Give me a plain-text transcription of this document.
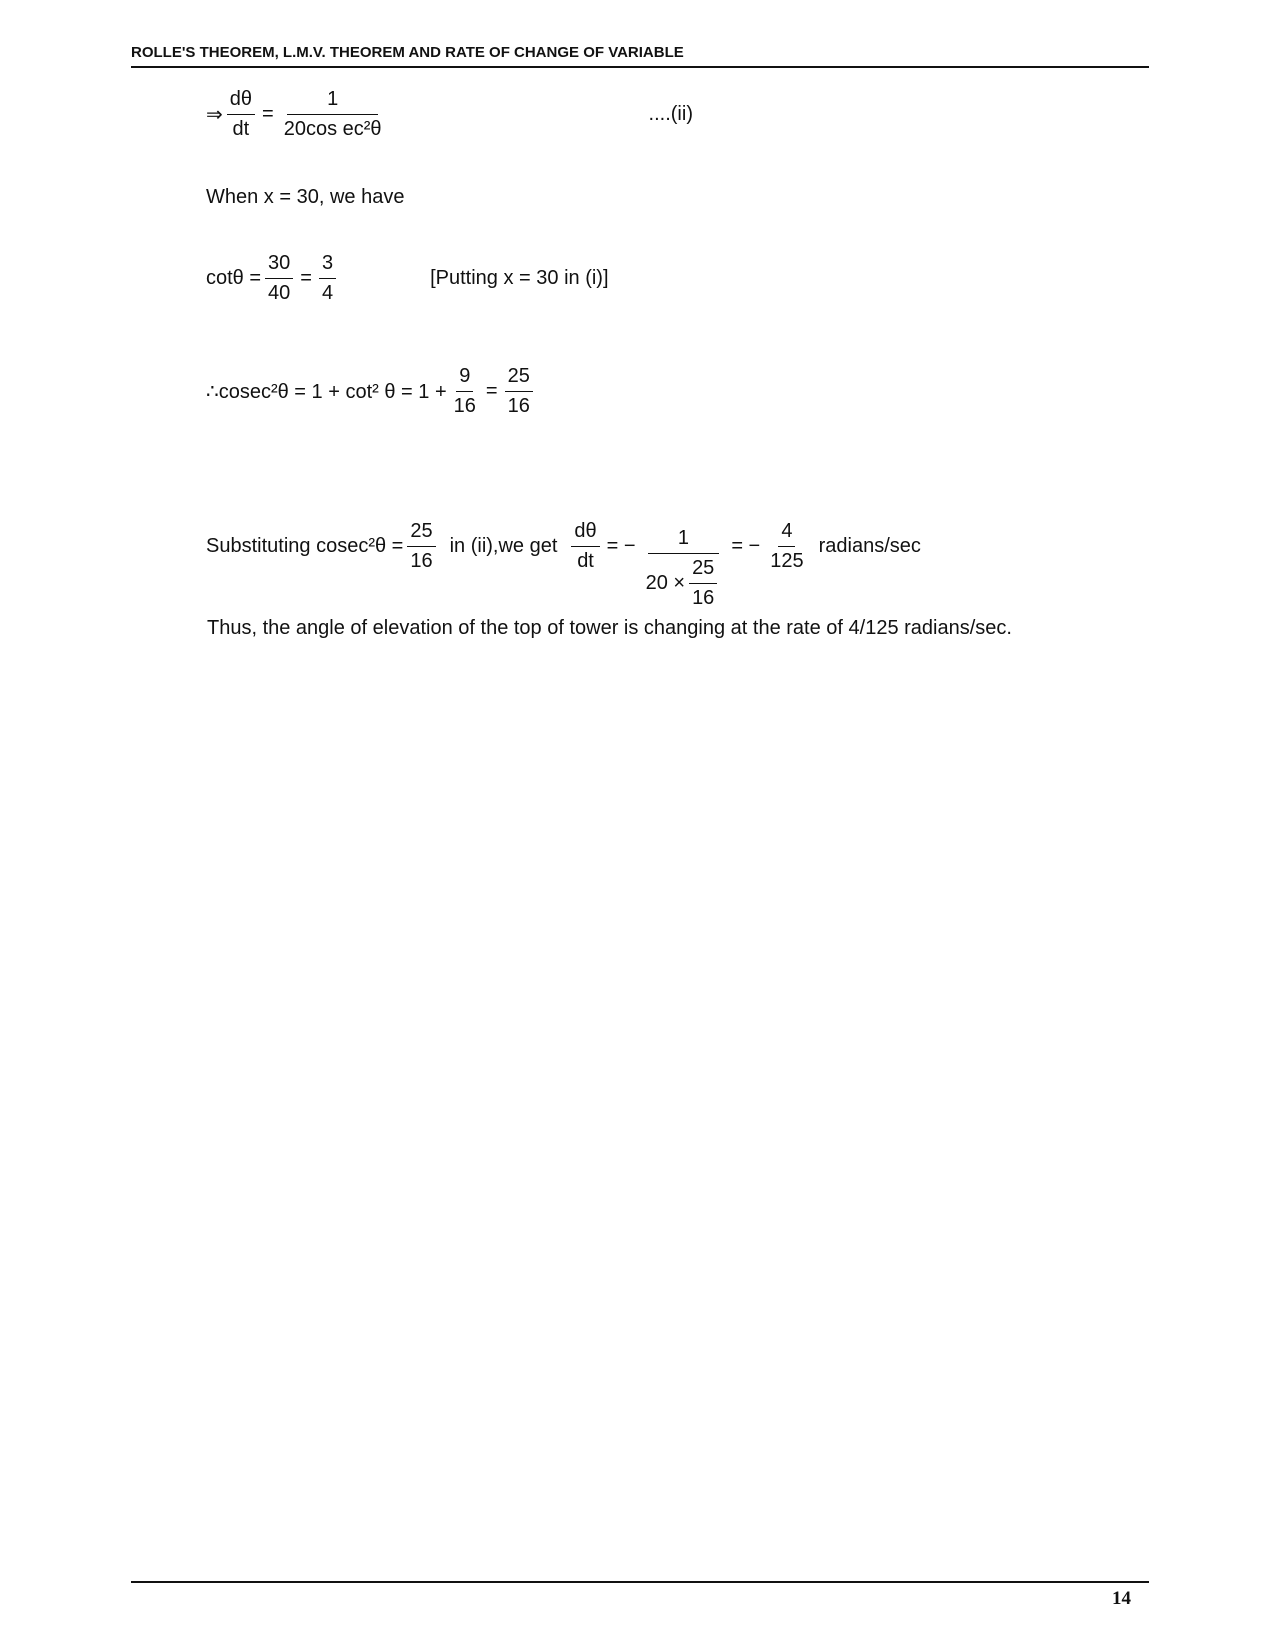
ROLLE'S THEOREM, L.M.V. THEOREM AND RATE OF CHANGE OF VARIABLE
⇒ $\frac{d\theta}{dt} = \frac{1}{\text{20cos ec²θ}}$	....(ii)
When x = 30, we have
$\cot\theta = \frac{30}{40} = \frac{3}{4}$	[Putting x = 30 in (i)]
∴cosec²θ = 1 + cot² $\theta = 1 + \frac{9}{16} = \frac{25}{16}$
Substituting $cosec^2\theta = \frac{25}{16}$ in (ii),we get $\frac{d\theta}{dt}$ = − $\frac{1}{20 \times \frac{25}{16}}$ = − $\frac{4}{125}$ radians/sec
Thus, the angle of elevation of the top of tower is changing at the rate of 4/125 radians/sec.
14
